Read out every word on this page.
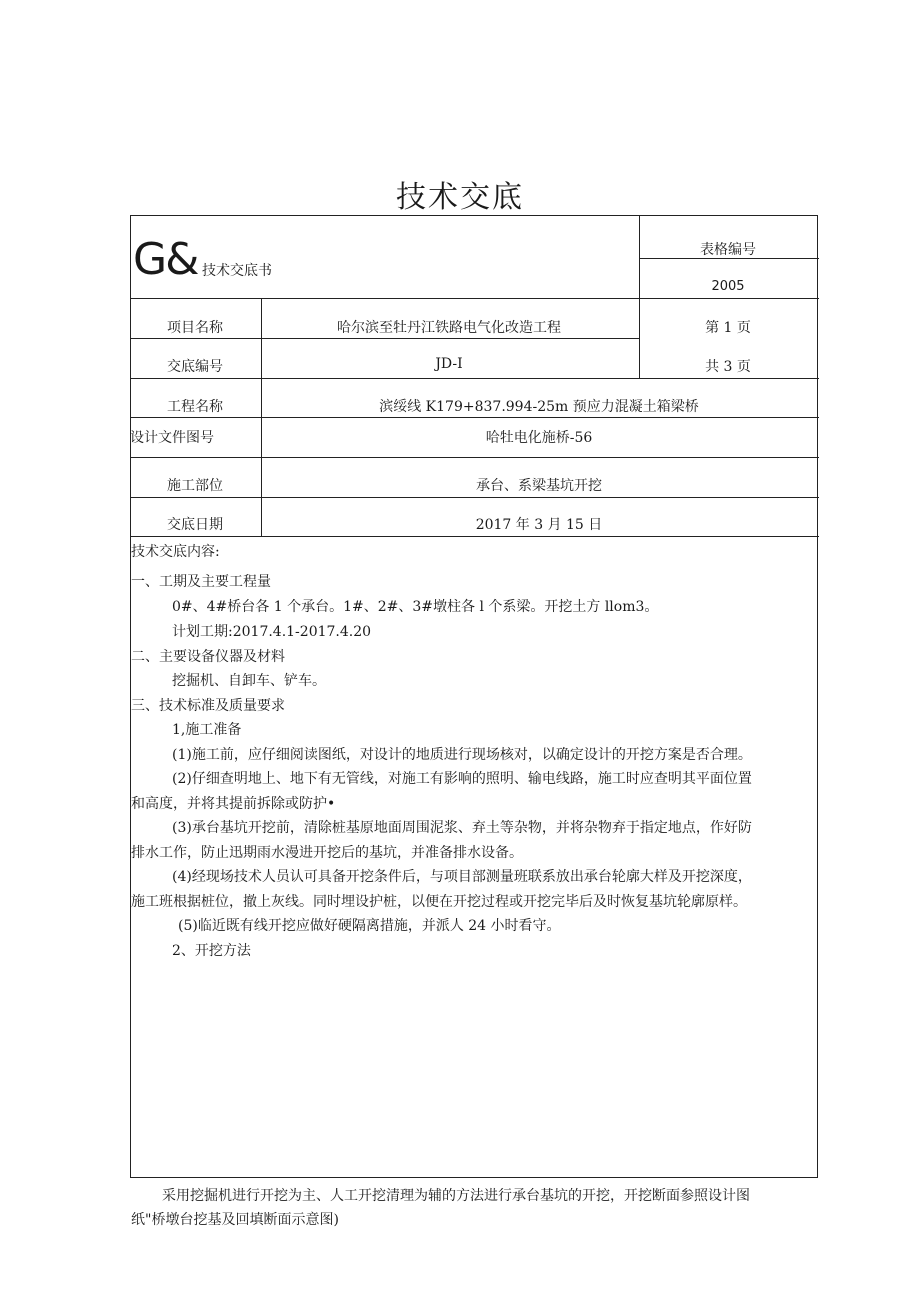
技术交底
G& 技术交底书
表格编号
2005
项目名称	哈尔滨至牡丹江铁路电气化改造工程	第 1 页
交底编号	JD-I	共 3 页
工程名称	滨绥线 K179+837.994-25m 预应力混凝土箱梁桥
设计文件图号	哈牡电化施桥-56
施工部位	承台、系梁基坑开挖
交底日期	2017 年 3 月 15 日
技术交底内容:
一、工期及主要工程量
0#、4#桥台各 1 个承台。1#、2#、3#墩柱各 l 个系梁。开挖土方 llom3。
计划工期:2017.4.1-2017.4.20
二、主要设备仪器及材料
挖掘机、自卸车、铲车。
三、技术标准及质量要求
1,施工准备
(1)施工前，应仔细阅读图纸，对设计的地质进行现场核对，以确定设计的开挖方案是否合理。
(2)仔细查明地上、地下有无管线，对施工有影响的照明、输电线路，施工时应查明其平面位置
和高度，并将其提前拆除或防护•
(3)承台基坑开挖前，清除桩基原地面周围泥浆、弃土等杂物，并将杂物弃于指定地点，作好防
排水工作，防止迅期雨水漫进开挖后的基坑，并准备排水设备。
(4)经现场技术人员认可具备开挖条件后，与项目部测量班联系放出承台轮廓大样及开挖深度，
施工班根据桩位，撤上灰线。同时埋设护桩，以便在开挖过程或开挖完毕后及时恢复基坑轮廓原样。
(5)临近既有线开挖应做好硬隔离措施，并派人 24 小时看守。
2、开挖方法
采用挖掘机进行开挖为主、人工开挖清理为辅的方法进行承台基坑的开挖，开挖断面参照设计图
纸"桥墩台挖基及回填断面示意图)
